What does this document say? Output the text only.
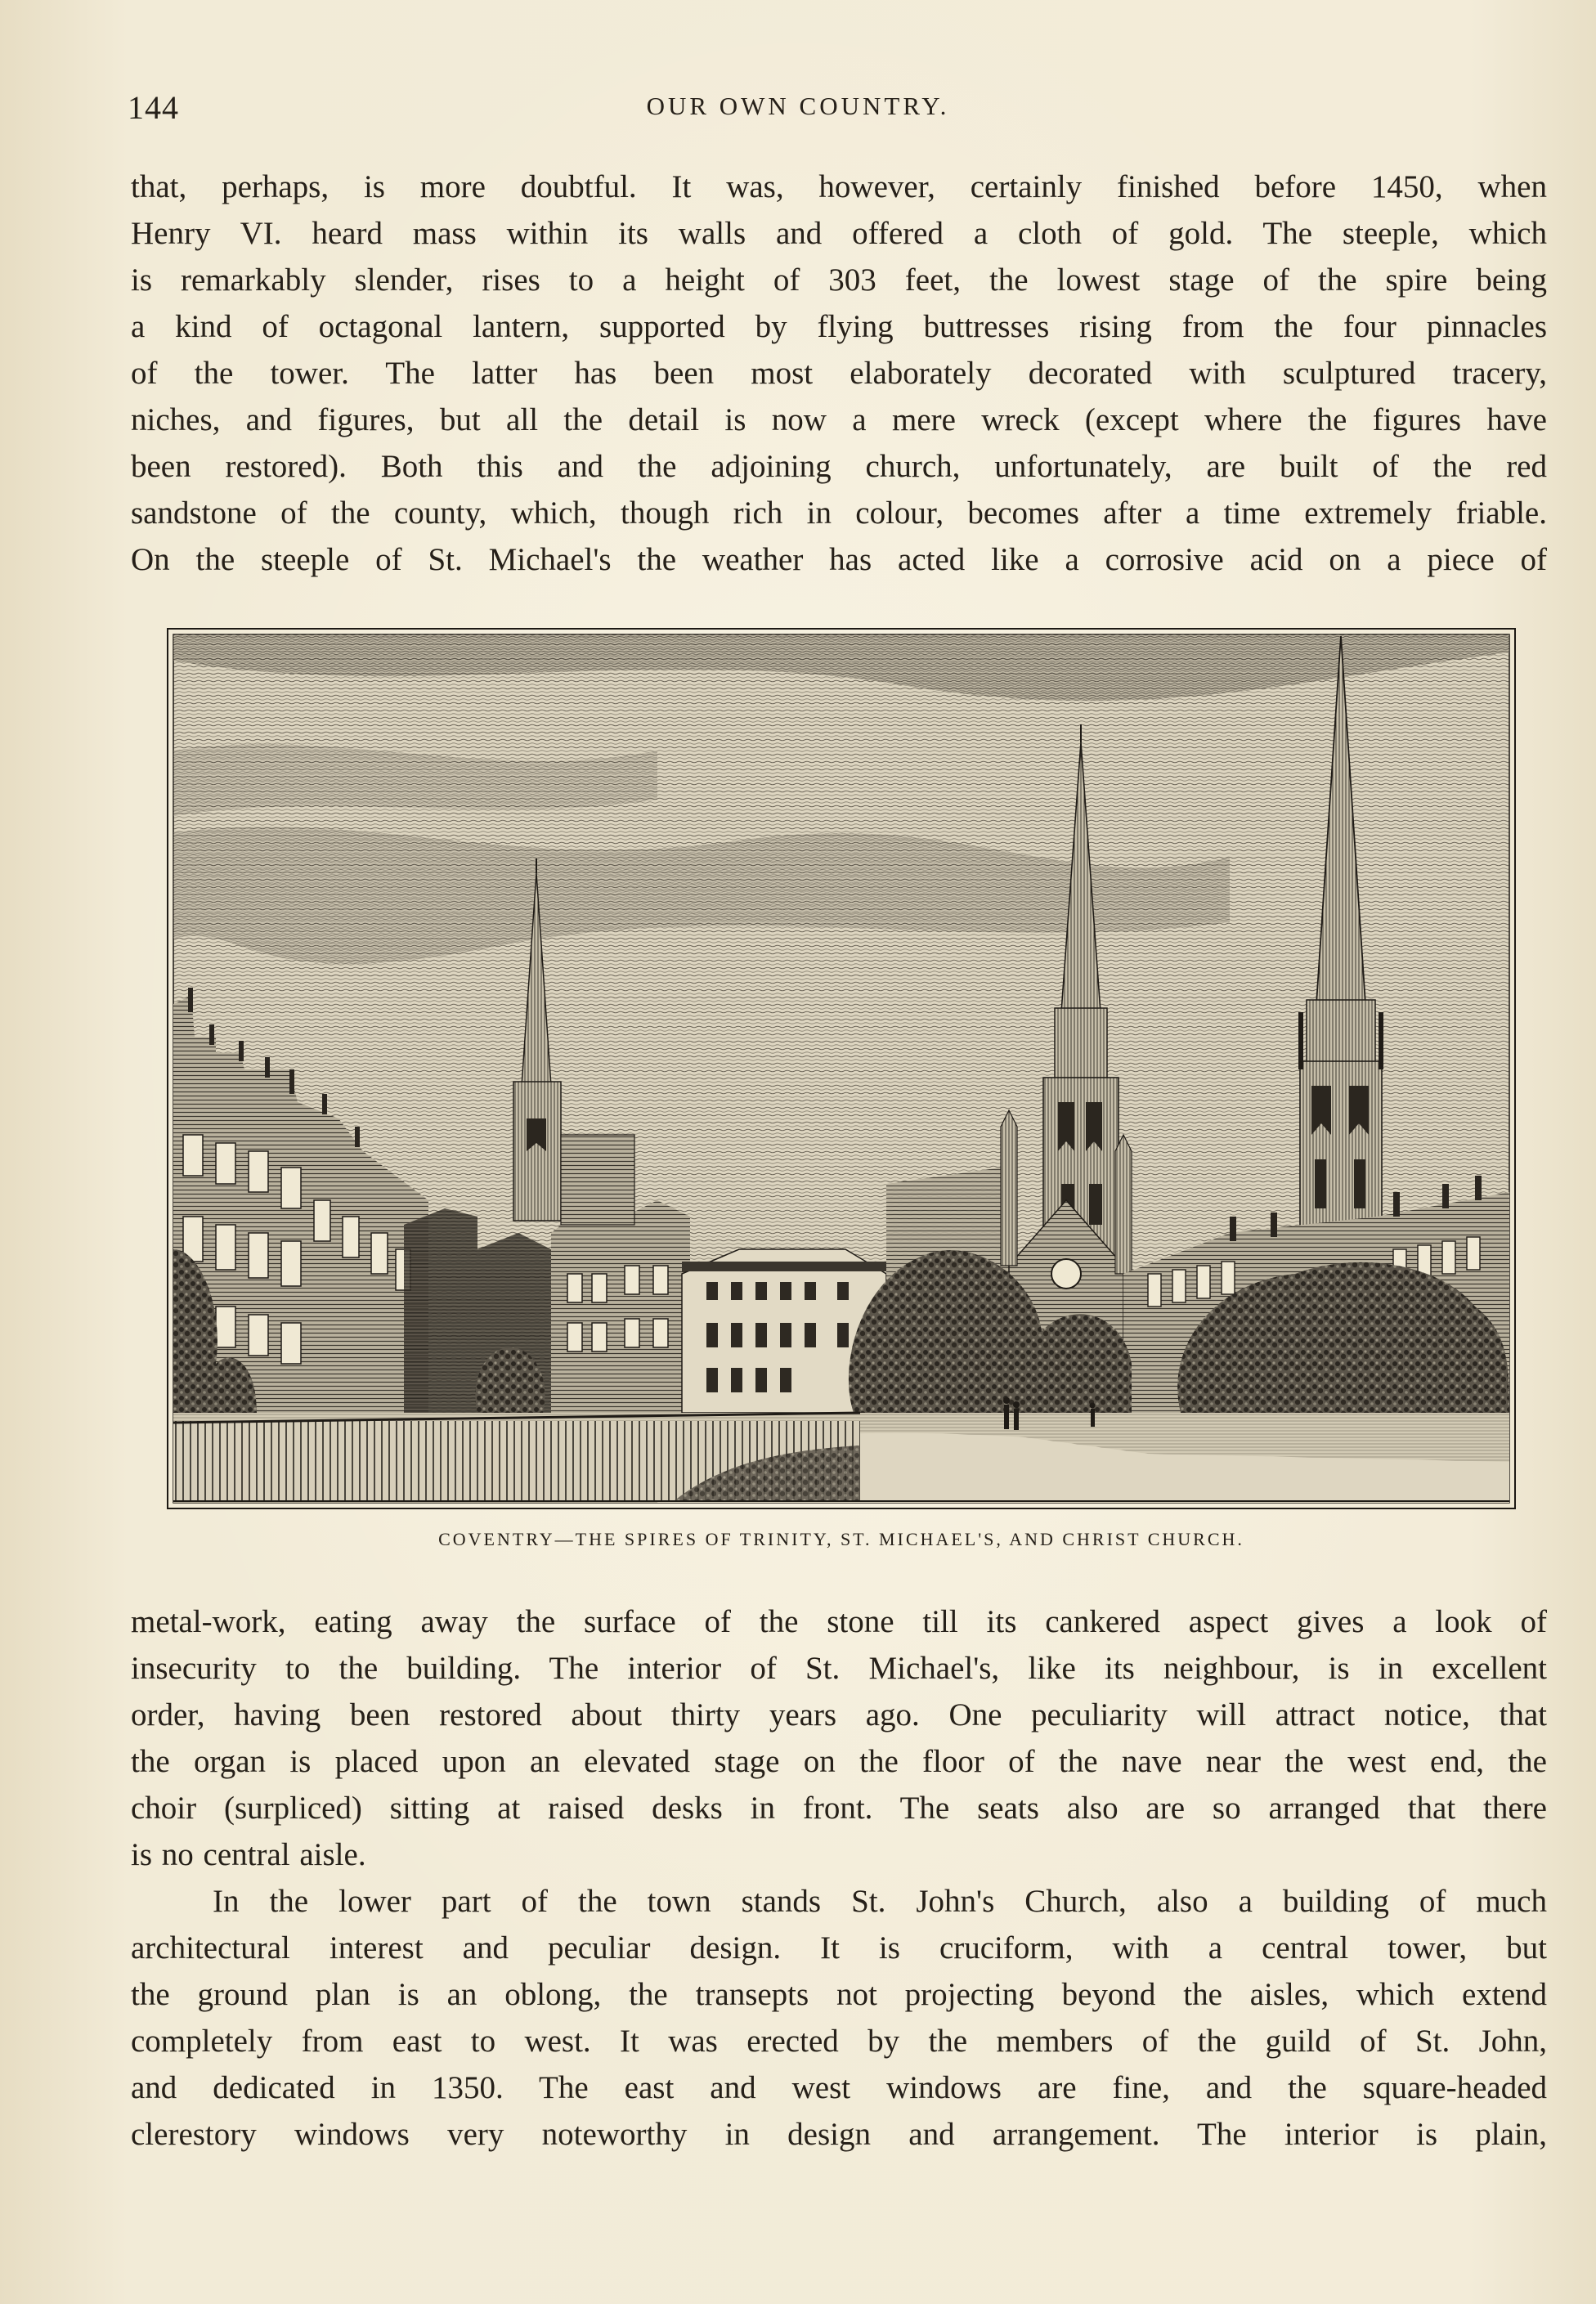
144	OUR OWN COUNTRY.
that, perhaps, is more doubtful. It was, however, certainly finished before 1450, when
Henry VI. heard mass within its walls and offered a cloth of gold. The steeple, which
is remarkably slender, rises to a height of 303 feet, the lowest stage of the spire being
a kind of octagonal lantern, supported by flying buttresses rising from the four pinnacles
of the tower. The latter has been most elaborately decorated with sculptured tracery,
niches, and figures, but all the detail is now a mere wreck (except where the figures have
been restored). Both this and the adjoining church, unfortunately, are built of the red
sandstone of the county, which, though rich in colour, becomes after a time extremely friable.
On the steeple of St. Michael's the weather has acted like a corrosive acid on a piece of
COVENTRY—THE SPIRES OF TRINITY, ST. MICHAEL'S, AND CHRIST CHURCH.
metal-work, eating away the surface of the stone till its cankered aspect gives a look of
insecurity to the building. The interior of St. Michael's, like its neighbour, is in excellent
order, having been restored about thirty years ago. One peculiarity will attract notice, that
the organ is placed upon an elevated stage on the floor of the nave near the west end, the
choir (surpliced) sitting at raised desks in front. The seats also are so arranged that there
is no central aisle.
In the lower part of the town stands St. John's Church, also a building of much
architectural interest and peculiar design. It is cruciform, with a central tower, but
the ground plan is an oblong, the transepts not projecting beyond the aisles, which extend
completely from east to west. It was erected by the members of the guild of St. John,
and dedicated in 1350. The east and west windows are fine, and the square-headed
clerestory windows very noteworthy in design and arrangement. The interior is plain,
